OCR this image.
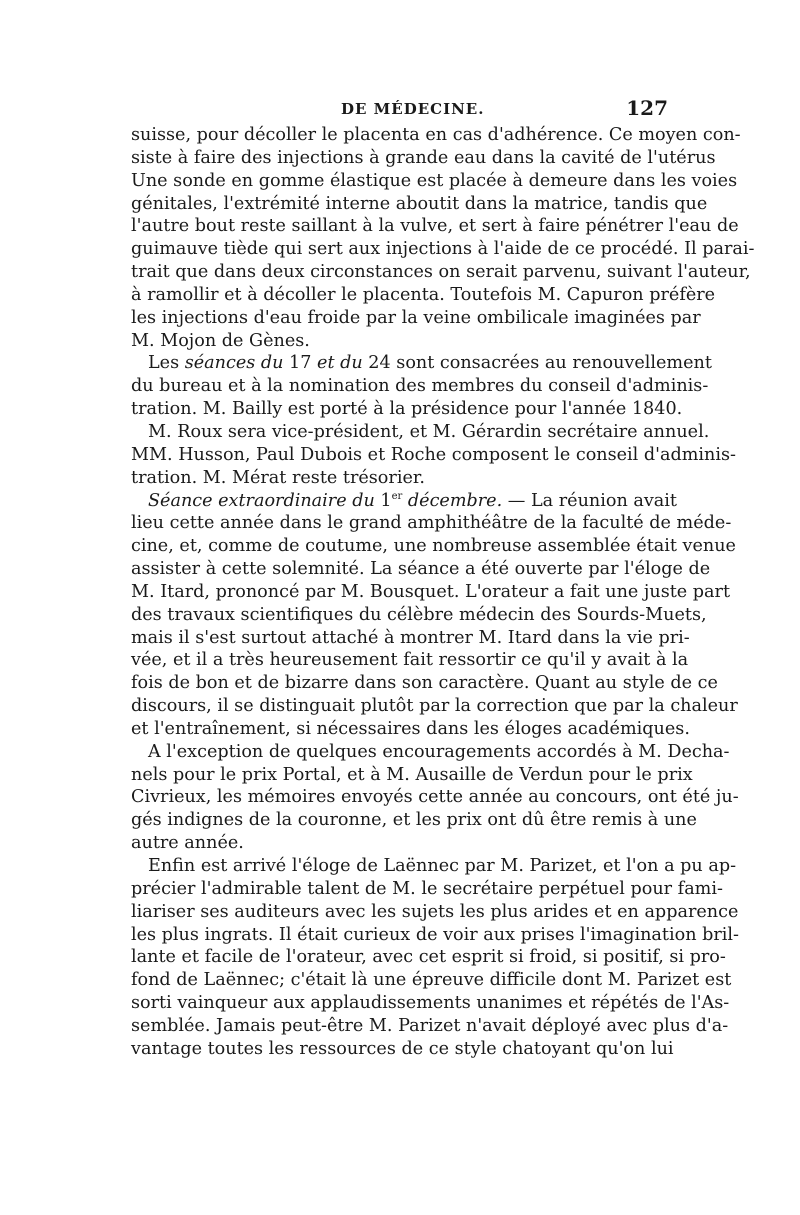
DE MÉDECINE.	127
suisse, pour décoller le placenta en cas d'adhérence. Ce moyen con-
siste à faire des injections à grande eau dans la cavité de l'utérus
Une sonde en gomme élastique est placée à demeure dans les voies
génitales, l'extrémité interne aboutit dans la matrice, tandis que
l'autre bout reste saillant à la vulve, et sert à faire pénétrer l'eau de
guimauve tiède qui sert aux injections à l'aide de ce procédé. Il parai-
trait que dans deux circonstances on serait parvenu, suivant l'auteur,
à ramollir et à décoller le placenta. Toutefois M. Capuron préfère
les injections d'eau froide par la veine ombilicale imaginées par
M. Mojon de Gènes.
Les séances du 17 et du 24 sont consacrées au renouvellement
du bureau et à la nomination des membres du conseil d'adminis-
tration. M. Bailly est porté à la présidence pour l'année 1840.
M. Roux sera vice-président, et M. Gérardin secrétaire annuel.
MM. Husson, Paul Dubois et Roche composent le conseil d'adminis-
tration. M. Mérat reste trésorier.
Séance extraordinaire du 1er décembre. — La réunion avait
lieu cette année dans le grand amphithéâtre de la faculté de méde-
cine, et, comme de coutume, une nombreuse assemblée était venue
assister à cette solemnité. La séance a été ouverte par l'éloge de
M. Itard, prononcé par M. Bousquet. L'orateur a fait une juste part
des travaux scientifiques du célèbre médecin des Sourds-Muets,
mais il s'est surtout attaché à montrer M. Itard dans la vie pri-
vée, et il a très heureusement fait ressortir ce qu'il y avait à la
fois de bon et de bizarre dans son caractère. Quant au style de ce
discours, il se distinguait plutôt par la correction que par la chaleur
et l'entraînement, si nécessaires dans les éloges académiques.
A l'exception de quelques encouragements accordés à M. Decha-
nels pour le prix Portal, et à M. Ausaille de Verdun pour le prix
Civrieux, les mémoires envoyés cette année au concours, ont été ju-
gés indignes de la couronne, et les prix ont dû être remis à une
autre année.
Enfin est arrivé l'éloge de Laënnec par M. Parizet, et l'on a pu ap-
précier l'admirable talent de M. le secrétaire perpétuel pour fami-
liariser ses auditeurs avec les sujets les plus arides et en apparence
les plus ingrats. Il était curieux de voir aux prises l'imagination bril-
lante et facile de l'orateur, avec cet esprit si froid, si positif, si pro-
fond de Laënnec; c'était là une épreuve difficile dont M. Parizet est
sorti vainqueur aux applaudissements unanimes et répétés de l'As-
semblée. Jamais peut-être M. Parizet n'avait déployé avec plus d'a-
vantage toutes les ressources de ce style chatoyant qu'on lui
